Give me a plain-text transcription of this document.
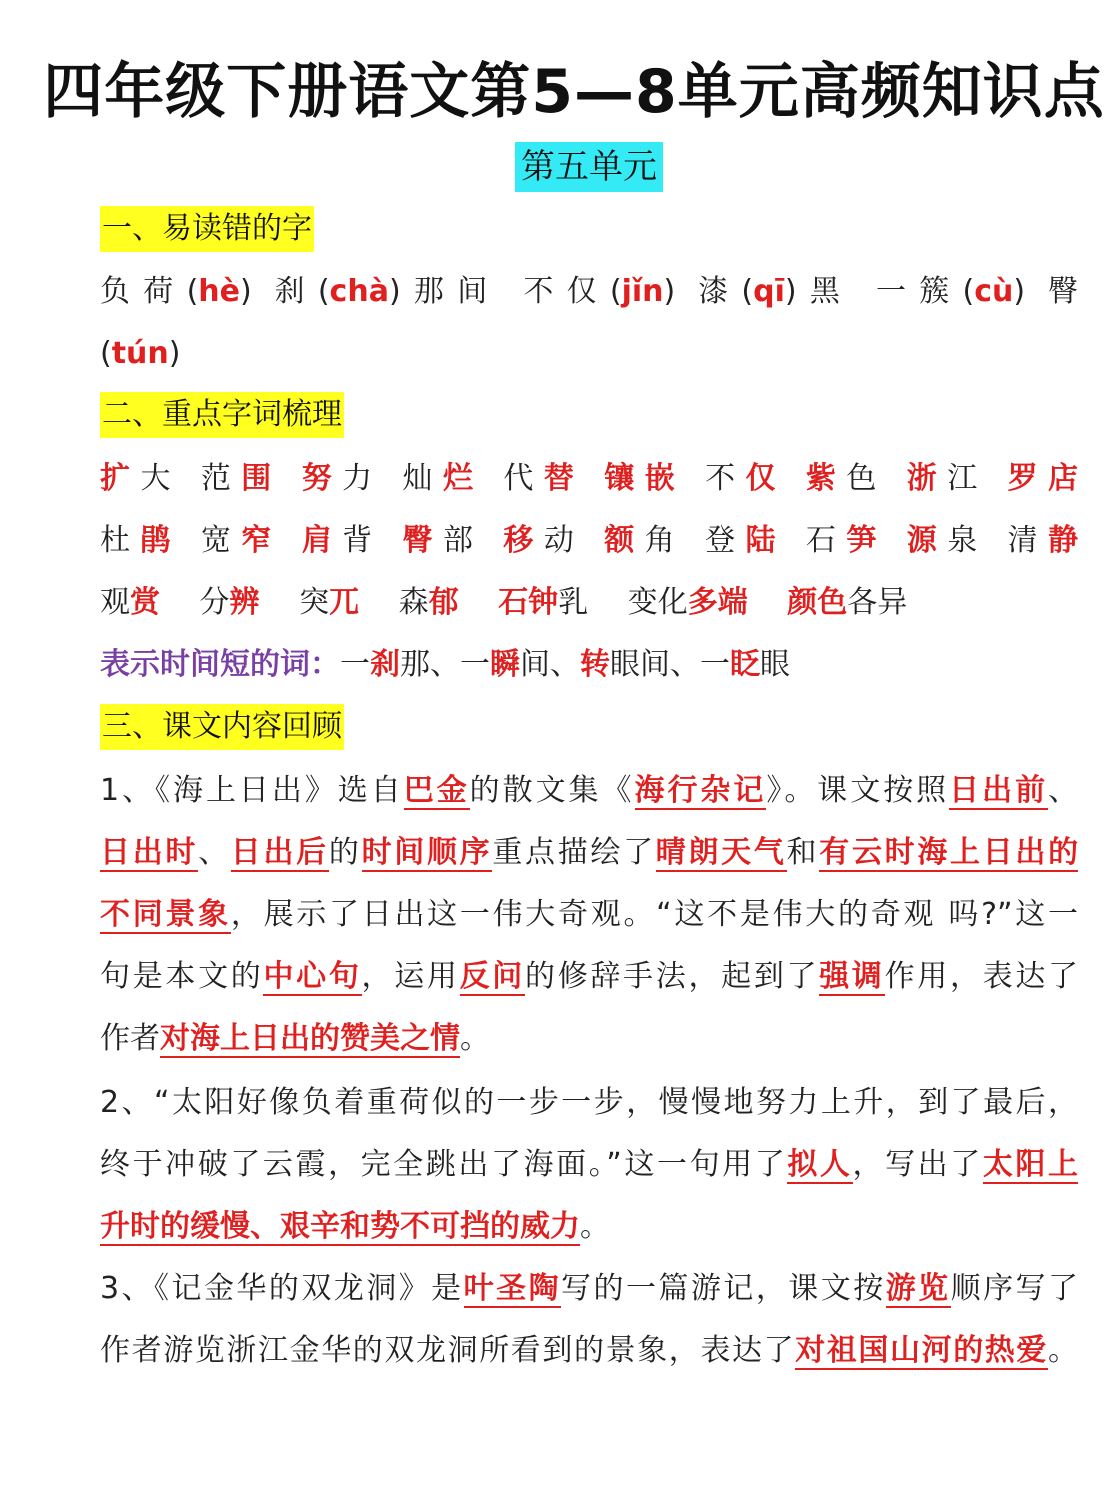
四年级下册语文第5—8单元高频知识点
第五单元
一、易读错的字
负荷(hè) 刹(chà)那间 不仅(jǐn) 漆(qī)黑 一簇(cù) 臀
(tún)
二、重点字词梳理
扩大 范围 努力 灿烂 代替 镶嵌 不仅 紫色 浙江 罗店
杜鹃 宽窄 肩背 臀部 移动 额角 登陆 石笋 源泉 清静
观赏 分辨 突兀 森郁 石钟乳 变化多端 颜色各异
表示时间短的词：一刹那、一瞬间、转眼间、一眨眼
三、课文内容回顾
1、《海上日出》选自巴金的散文集《海行杂记》。课文按照日出前、
日出时、日出后的时间顺序重点描绘了晴朗天气和有云时海上日出的
不同景象，展示了日出这一伟大奇观。“这不是伟大的奇观 吗?”这一
句是本文的中心句，运用反问的修辞手法，起到了强调作用，表达了
作者对海上日出的赞美之情。
2、“太阳好像负着重荷似的一步一步，慢慢地努力上升，到了最后，
终于冲破了云霞，完全跳出了海面。”这一句用了拟人，写出了太阳上
升时的缓慢、艰辛和势不可挡的威力。
3、《记金华的双龙洞》是叶圣陶写的一篇游记，课文按游览顺序写了
作者游览浙江金华的双龙洞所看到的景象，表达了对祖国山河的热爱。
